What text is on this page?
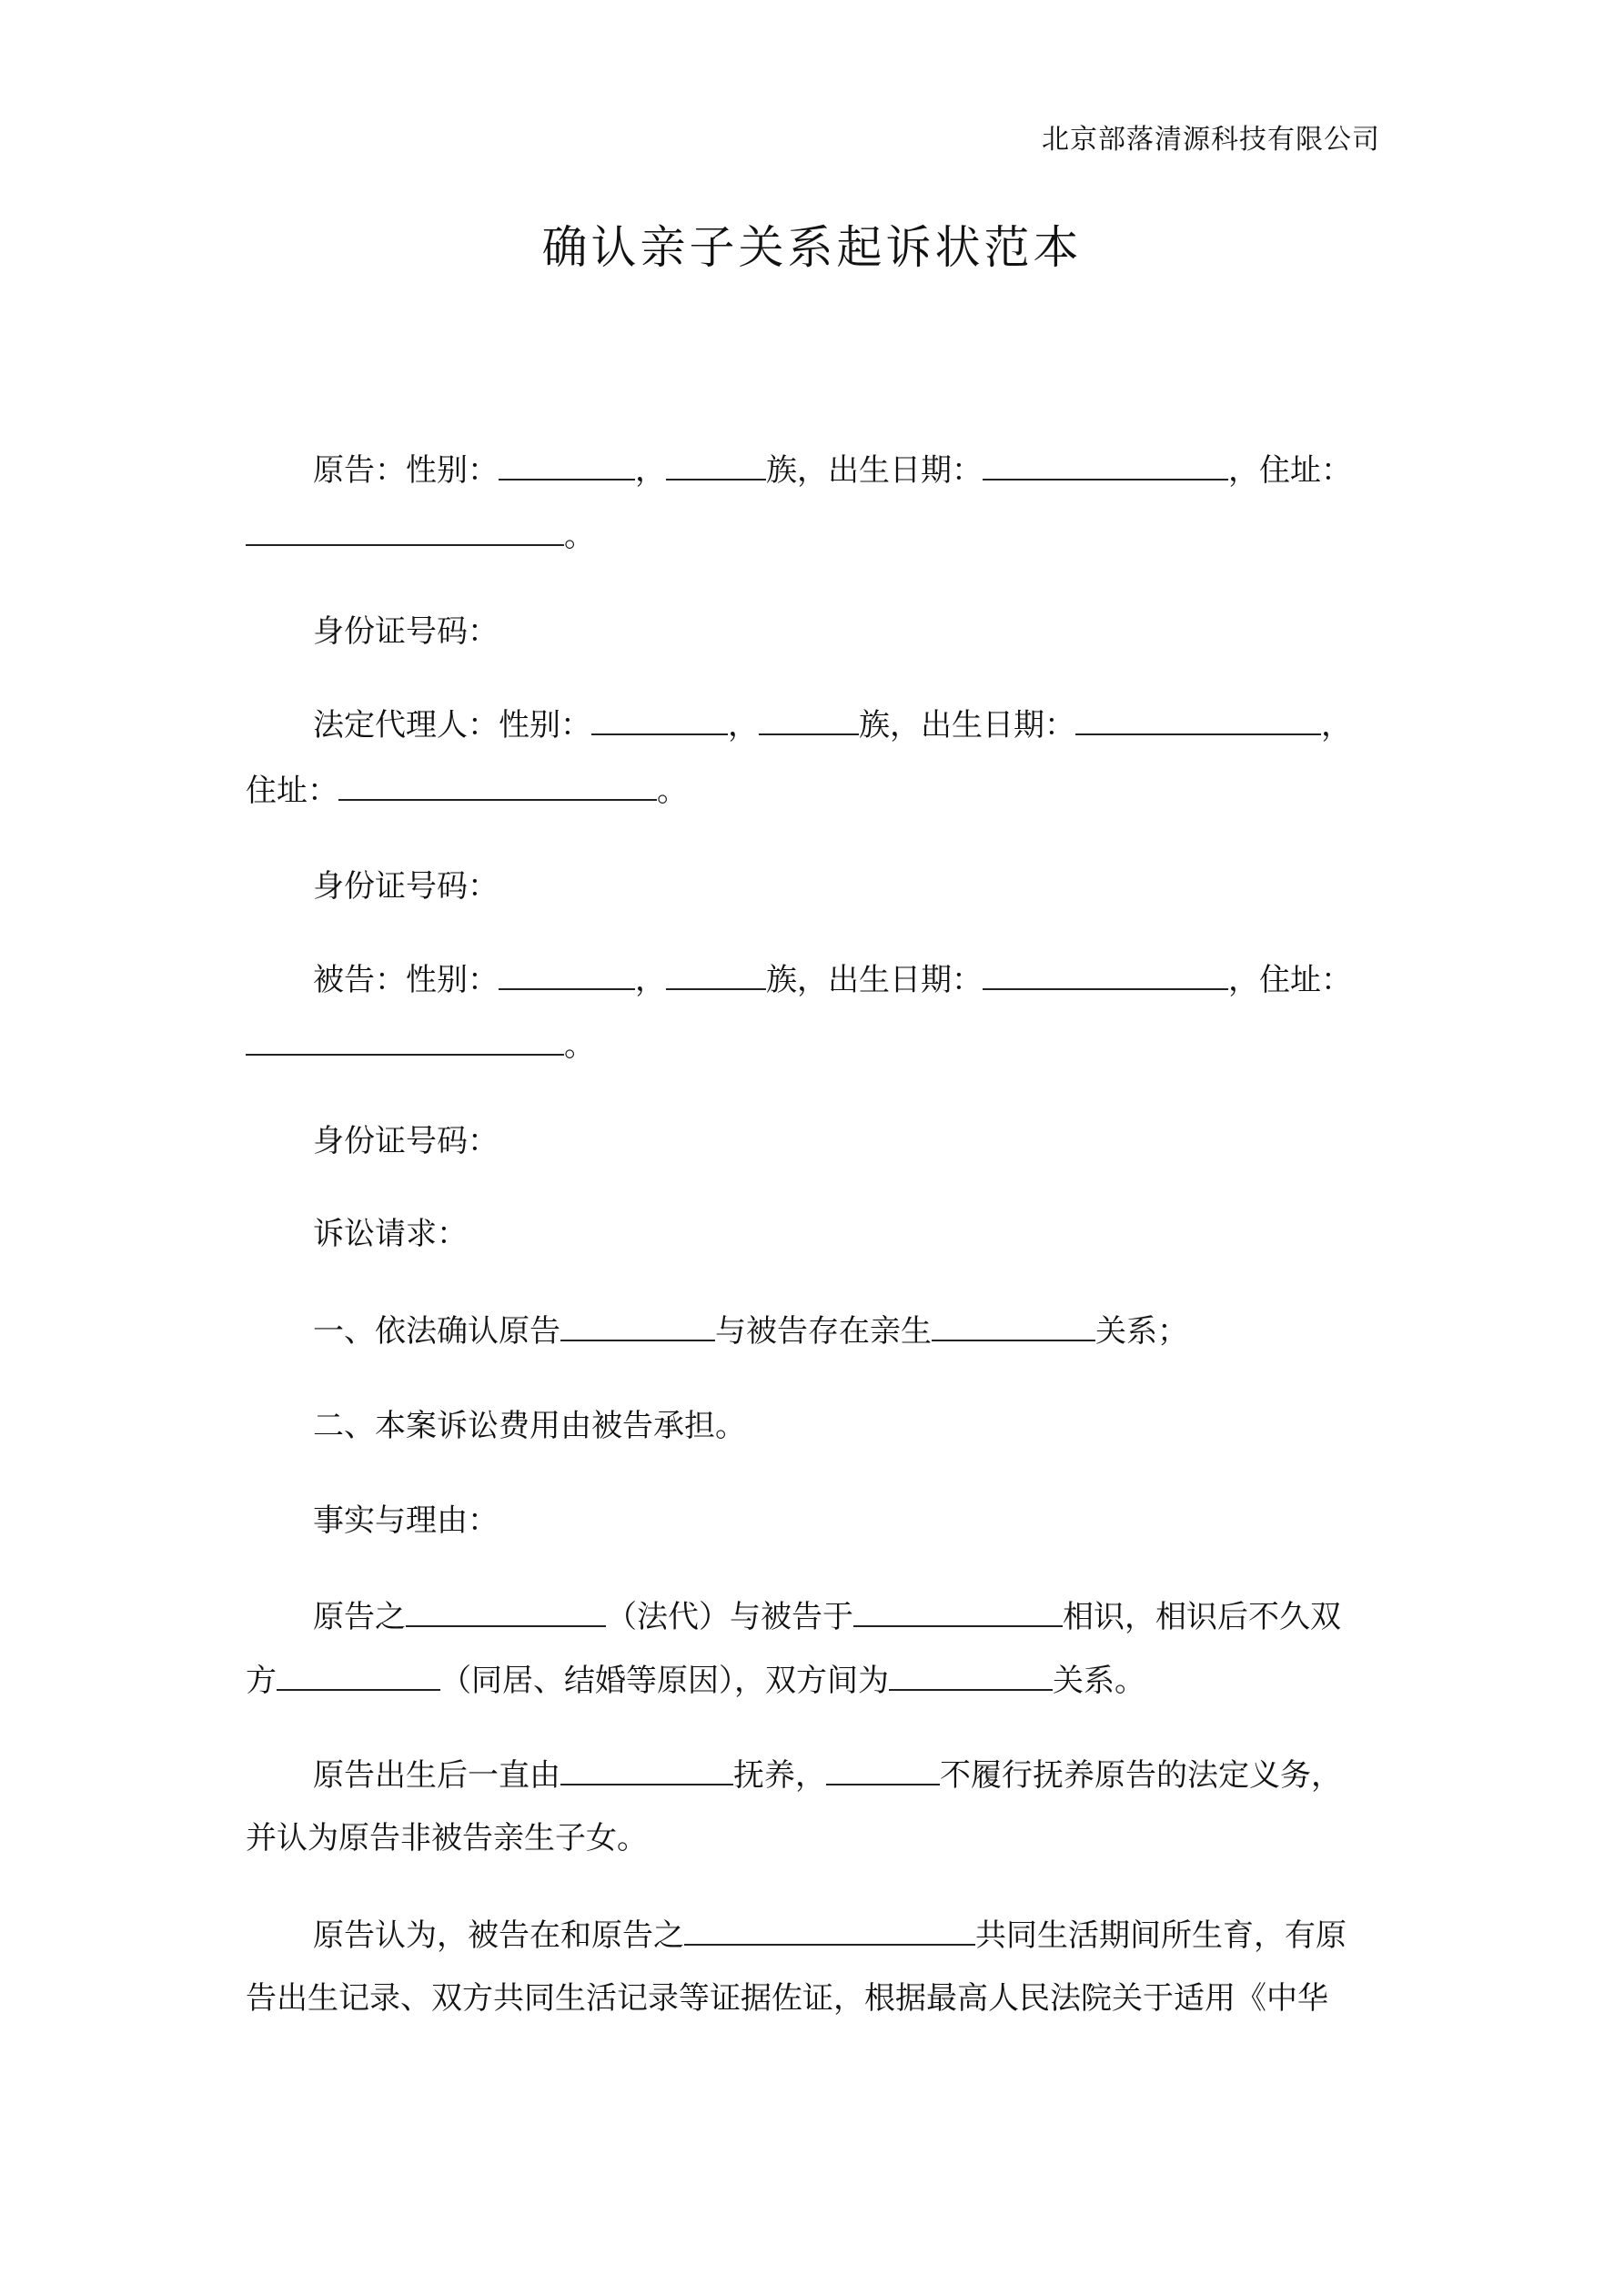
北京部落清源科技有限公司
确认亲子关系起诉状范本
原告：性别：	，	族，出生日期：	，住址：
。
身份证号码：
法定代理人：性别：	，	族，出生日期：	，
住址：	。
身份证号码：
被告：性别：	，	族，出生日期：	，住址：
。
身份证号码：
诉讼请求：
一、依法确认原告	与被告存在亲生	关系；
二、本案诉讼费用由被告承担。
事实与理由：
原告之	（法代）与被告于	相识，相识后不久双
方	（同居、结婚等原因），双方间为	关系。
原告出生后一直由	抚养，	不履行抚养原告的法定义务，
并认为原告非被告亲生子女。
原告认为，被告在和原告之	共同生活期间所生育，有原
告出生记录、双方共同生活记录等证据佐证，根据最高人民法院关于适用《中华
